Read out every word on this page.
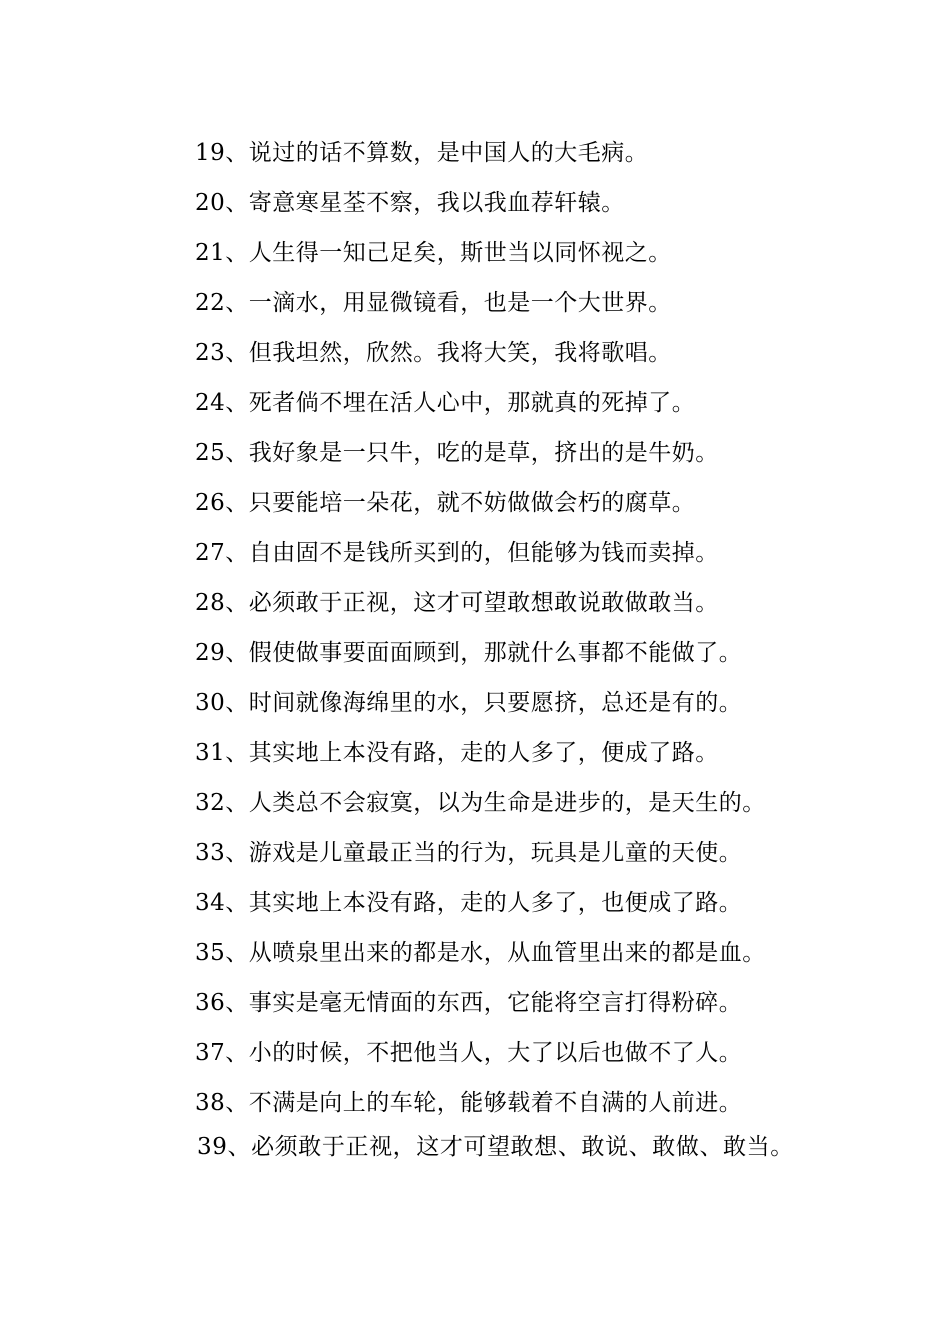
19、说过的话不算数，是中国人的大毛病。
20、寄意寒星荃不察，我以我血荐轩辕。
21、人生得一知己足矣，斯世当以同怀视之。
22、一滴水，用显微镜看，也是一个大世界。
23、但我坦然，欣然。我将大笑，我将歌唱。
24、死者倘不埋在活人心中，那就真的死掉了。
25、我好象是一只牛，吃的是草，挤出的是牛奶。
26、只要能培一朵花，就不妨做做会朽的腐草。
27、自由固不是钱所买到的，但能够为钱而卖掉。
28、必须敢于正视，这才可望敢想敢说敢做敢当。
29、假使做事要面面顾到，那就什么事都不能做了。
30、时间就像海绵里的水，只要愿挤，总还是有的。
31、其实地上本没有路，走的人多了，便成了路。
32、人类总不会寂寞，以为生命是进步的，是天生的。
33、游戏是儿童最正当的行为，玩具是儿童的天使。
34、其实地上本没有路，走的人多了，也便成了路。
35、从喷泉里出来的都是水，从血管里出来的都是血。
36、事实是毫无情面的东西，它能将空言打得粉碎。
37、小的时候，不把他当人，大了以后也做不了人。
38、不满是向上的车轮，能够载着不自满的人前进。

39、必须敢于正视，这才可望敢想、敢说、敢做、敢当。
